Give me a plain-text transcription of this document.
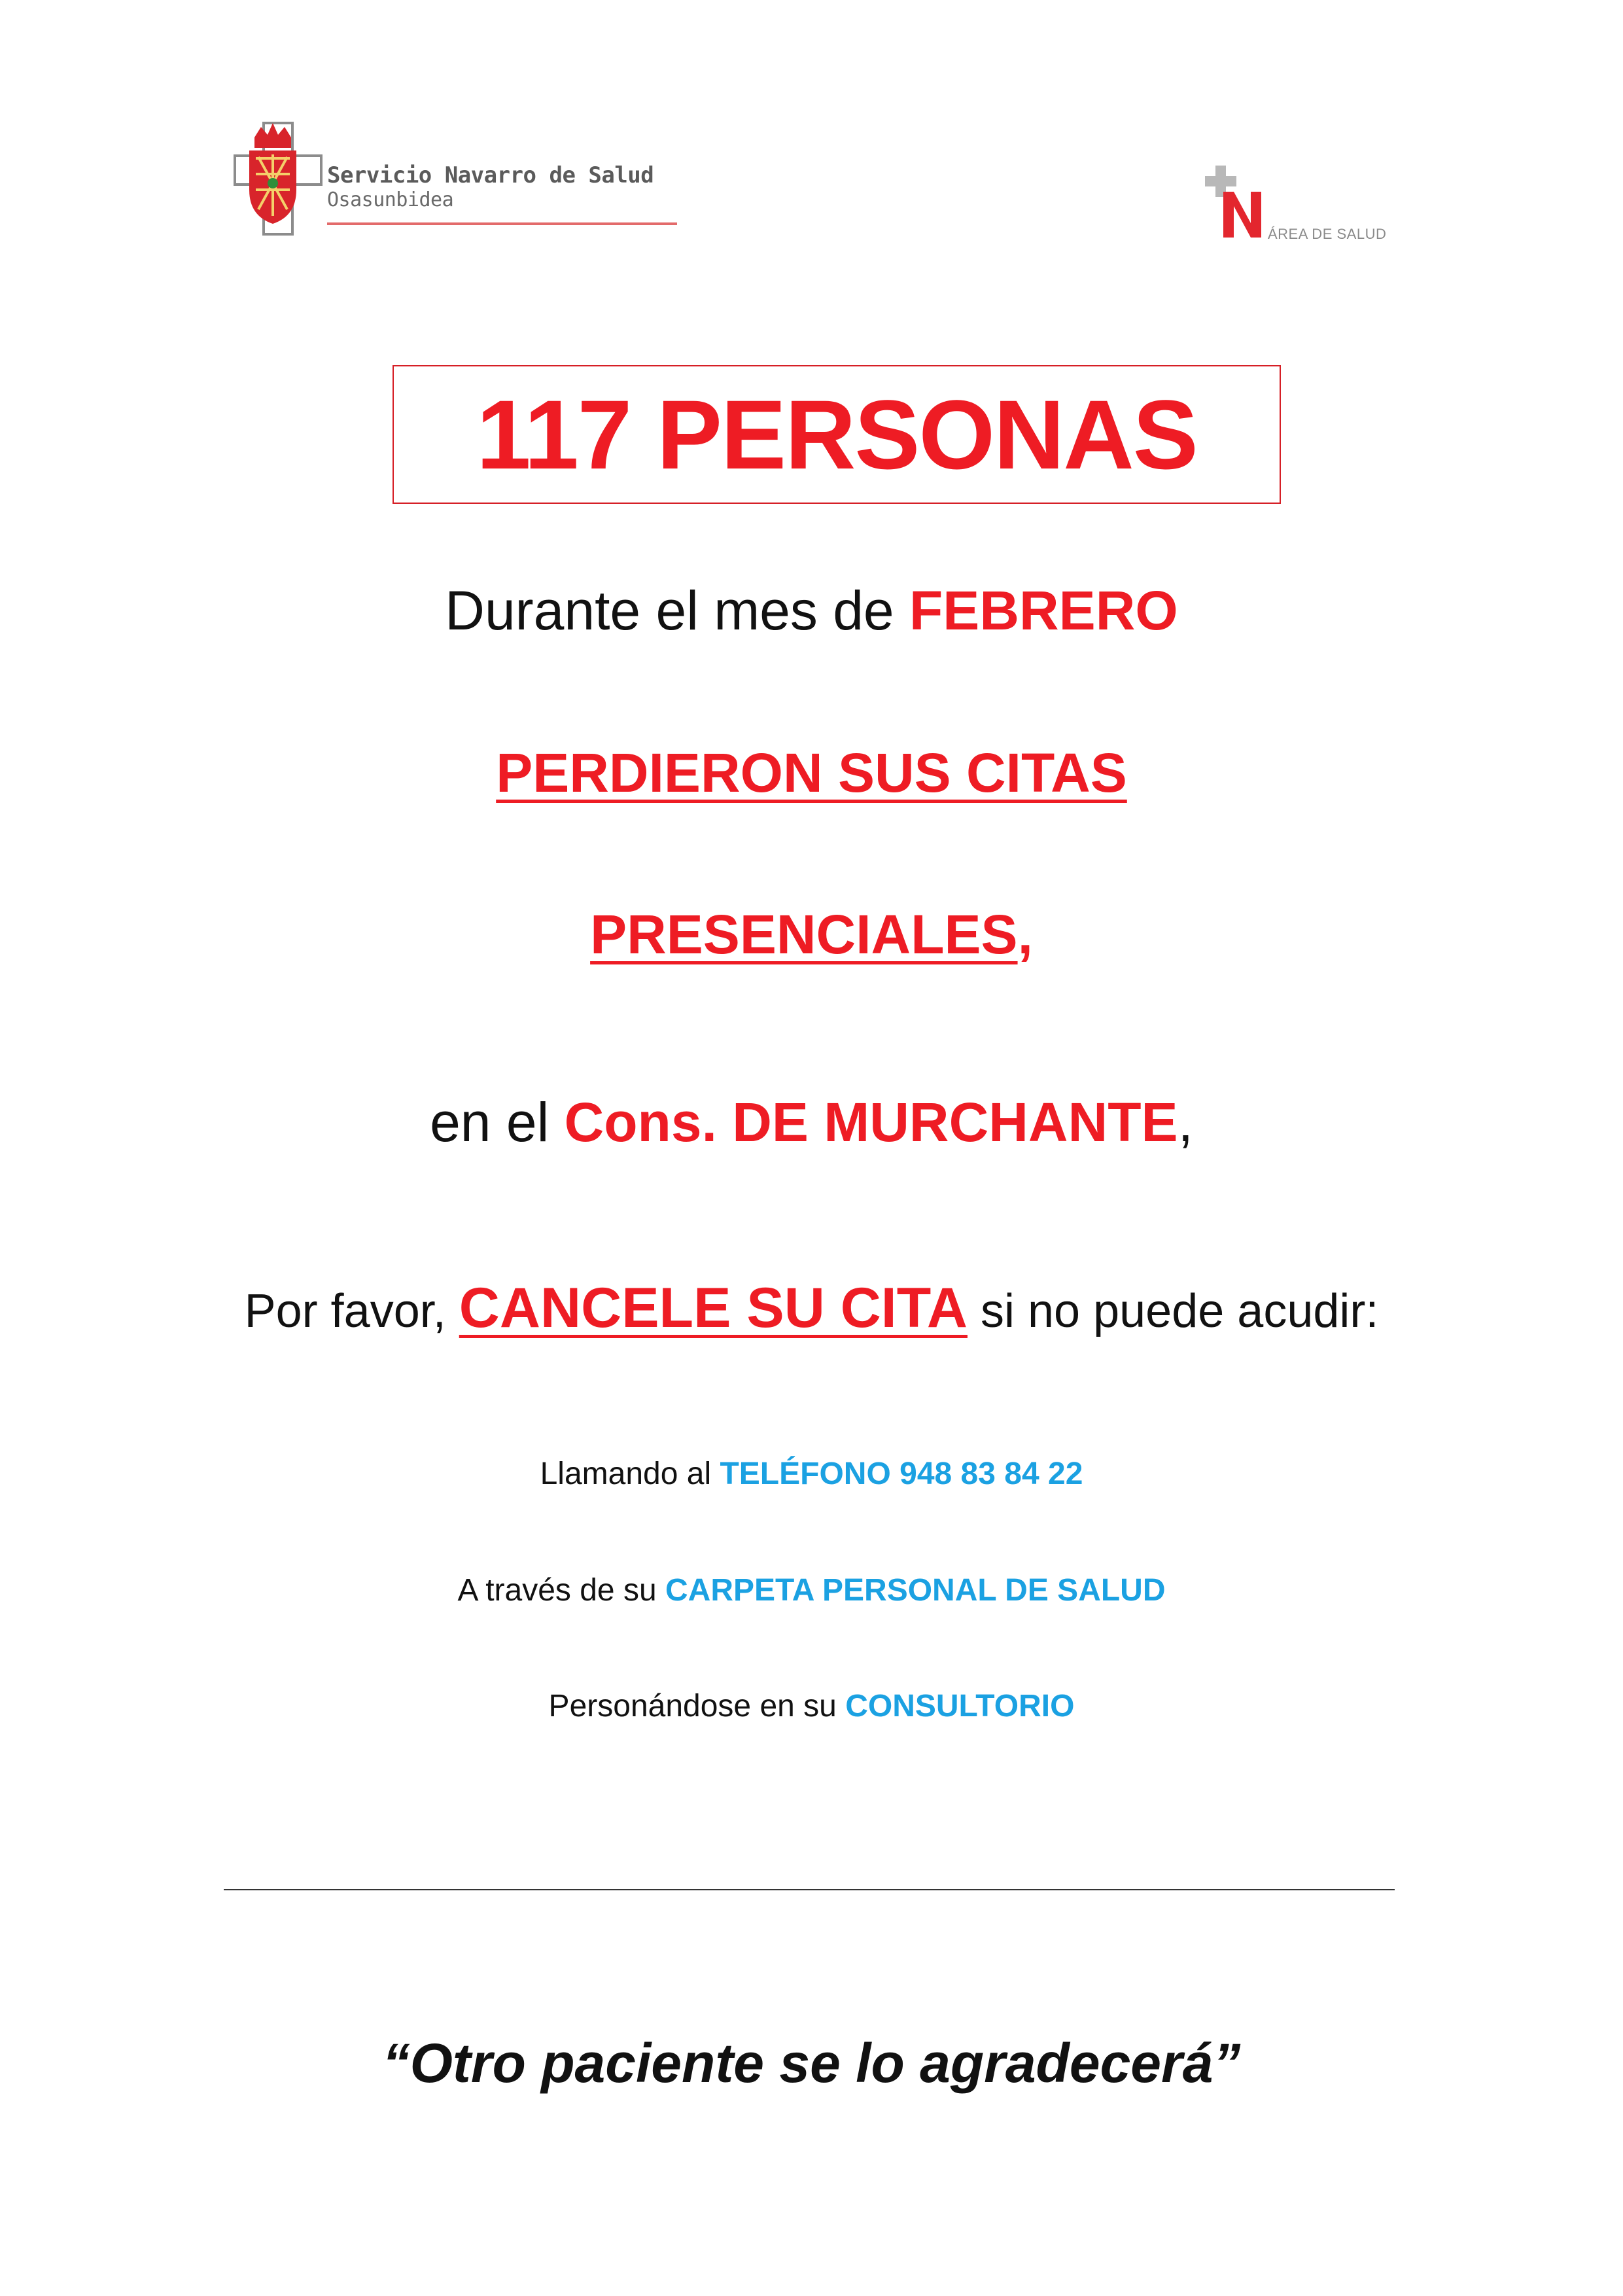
Servicio Navarro de Salud
Osasunbidea
ÁREA DE SALUD
117 PERSONAS
Durante el mes de FEBRERO
PERDIERON SUS CITAS
PRESENCIALES,
en el Cons. DE MURCHANTE,
Por favor, CANCELE SU CITA si no puede acudir:
Llamando al TELÉFONO 948 83 84 22
A través de su CARPETA PERSONAL DE SALUD
Personándose en su CONSULTORIO
“Otro paciente se lo agradecerá”
